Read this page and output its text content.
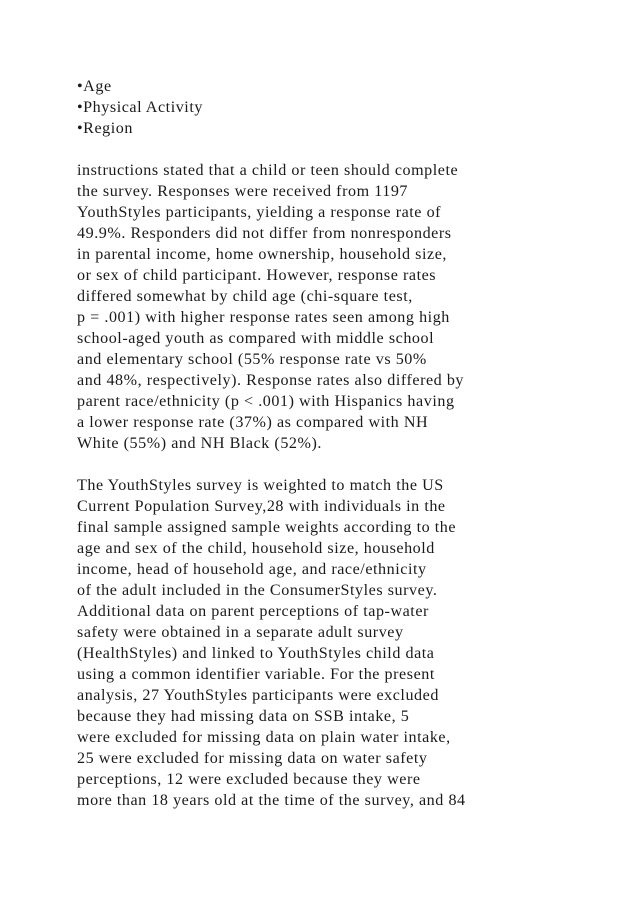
•Age
•Physical Activity
•Region
instructions stated that a child or teen should complete
the survey. Responses were received from 1197
YouthStyles participants, yielding a response rate of
49.9%. Responders did not differ from nonresponders
in parental income, home ownership, household size,
or sex of child participant. However, response rates
differed somewhat by child age (chi-square test,
p = .001) with higher response rates seen among high
school-aged youth as compared with middle school
and elementary school (55% response rate vs 50%
and 48%, respectively). Response rates also differed by
parent race/ethnicity (p < .001) with Hispanics having
a lower response rate (37%) as compared with NH
White (55%) and NH Black (52%).
The YouthStyles survey is weighted to match the US
Current Population Survey,28 with individuals in the
final sample assigned sample weights according to the
age and sex of the child, household size, household
income, head of household age, and race/ethnicity
of the adult included in the ConsumerStyles survey.
Additional data on parent perceptions of tap-water
safety were obtained in a separate adult survey
(HealthStyles) and linked to YouthStyles child data
using a common identifier variable. For the present
analysis, 27 YouthStyles participants were excluded
because they had missing data on SSB intake, 5
were excluded for missing data on plain water intake,
25 were excluded for missing data on water safety
perceptions, 12 were excluded because they were
more than 18 years old at the time of the survey, and 84
